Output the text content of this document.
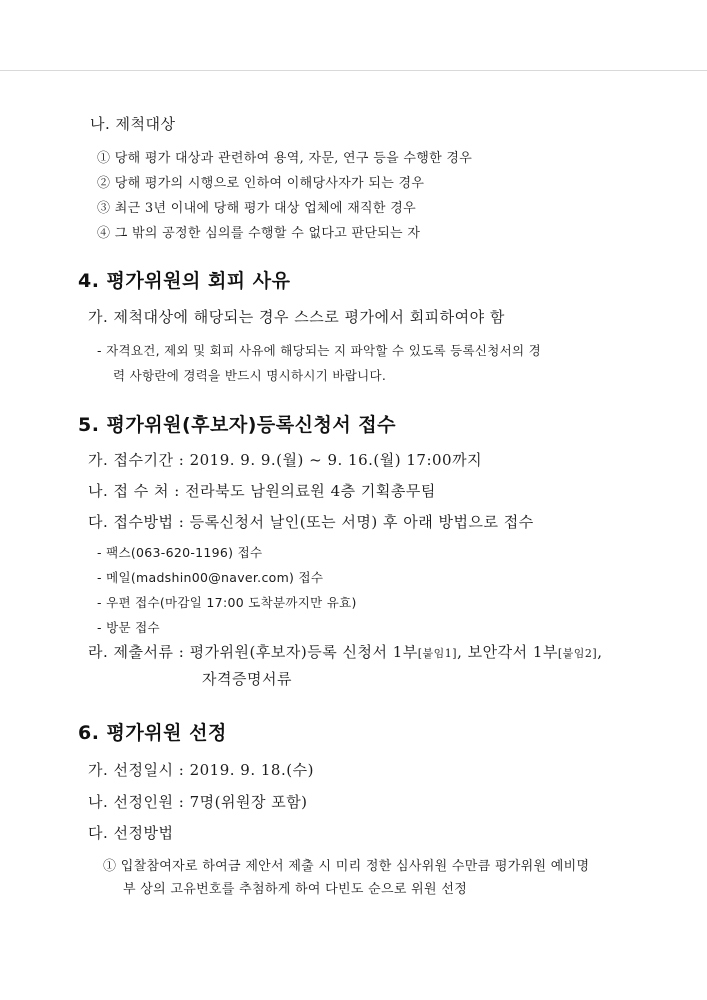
나. 제척대상
① 당해 평가 대상과 관련하여 용역, 자문, 연구 등을 수행한 경우
② 당해 평가의 시행으로 인하여 이해당사자가 되는 경우
③ 최근 3년 이내에 당해 평가 대상 업체에 재직한 경우
④ 그 밖의 공정한 심의를 수행할 수 없다고 판단되는 자
4. 평가위원의 회피 사유
가. 제척대상에 해당되는 경우 스스로 평가에서 회피하여야 함
- 자격요건, 제외 및 회피 사유에 해당되는 지 파악할 수 있도록 등록신청서의 경
력 사항란에 경력을 반드시 명시하시기 바랍니다.
5. 평가위원(후보자)등록신청서 접수
가. 접수기간 : 2019. 9. 9.(월) ~ 9. 16.(월) 17:00까지
나. 접 수 처 : 전라북도 남원의료원 4층 기획총무팀
다. 접수방법 : 등록신청서 날인(또는 서명) 후 아래 방법으로 접수
- 팩스(063-620-1196) 접수
- 메일(madshin00@naver.com) 접수
- 우편 접수(마감일 17:00 도착분까지만 유효)
- 방문 접수
라. 제출서류 : 평가위원(후보자)등록 신청서 1부[붙임1], 보안각서 1부[붙임2],
자격증명서류
6. 평가위원 선정
가. 선정일시 : 2019. 9. 18.(수)
나. 선정인원 : 7명(위원장 포함)
다. 선정방법
① 입찰참여자로 하여금 제안서 제출 시 미리 정한 심사위원 수만큼 평가위원 예비명
부 상의 고유번호를 추첨하게 하여 다빈도 순으로 위원 선정
